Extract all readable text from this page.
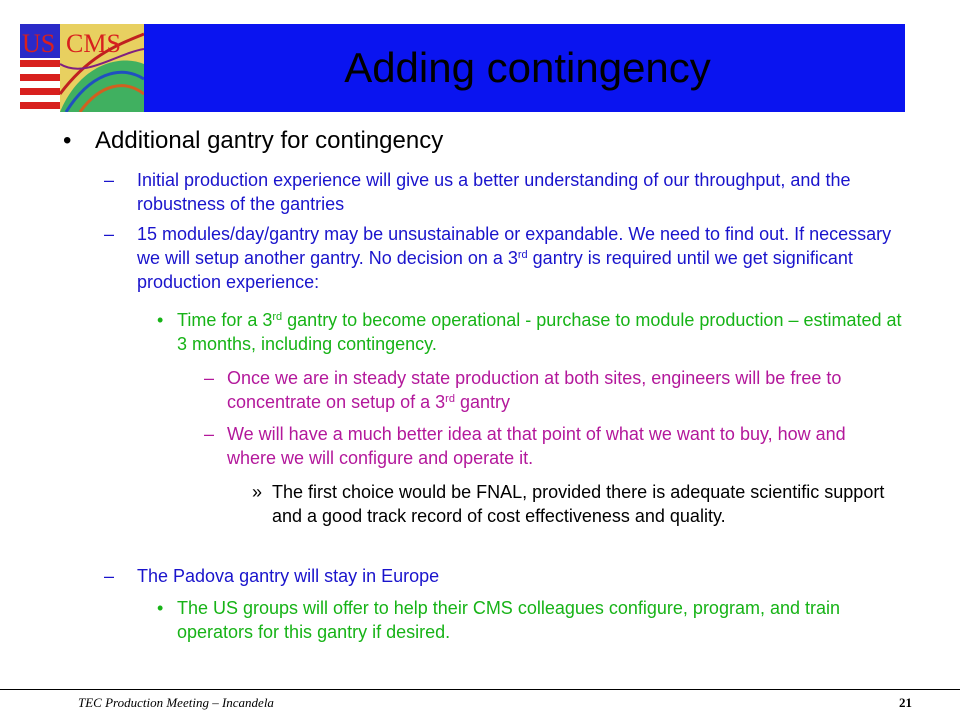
US CMS
Adding contingency
• Additional gantry for contingency
– Initial production experience will give us a better understanding of our throughput, and the robustness of the gantries
– 15 modules/day/gantry may be unsustainable or expandable. We need to find out. If necessary we will setup another gantry. No decision on a 3rd gantry is required until we get significant production experience:
• Time for a 3rd gantry to become operational - purchase to module production – estimated at 3 months, including contingency.
– Once we are in steady state production at both sites, engineers will be free to concentrate on setup of a 3rd gantry
– We will have a much better idea at that point of what we want to buy, how and where we will configure and operate it.
» The first choice would be FNAL, provided there is adequate scientific support and a good track record of cost effectiveness and quality.
– The Padova gantry will stay in Europe
• The US groups will offer to help their CMS colleagues configure, program, and train operators for this gantry if desired.
TEC Production Meeting – Incandela	21
